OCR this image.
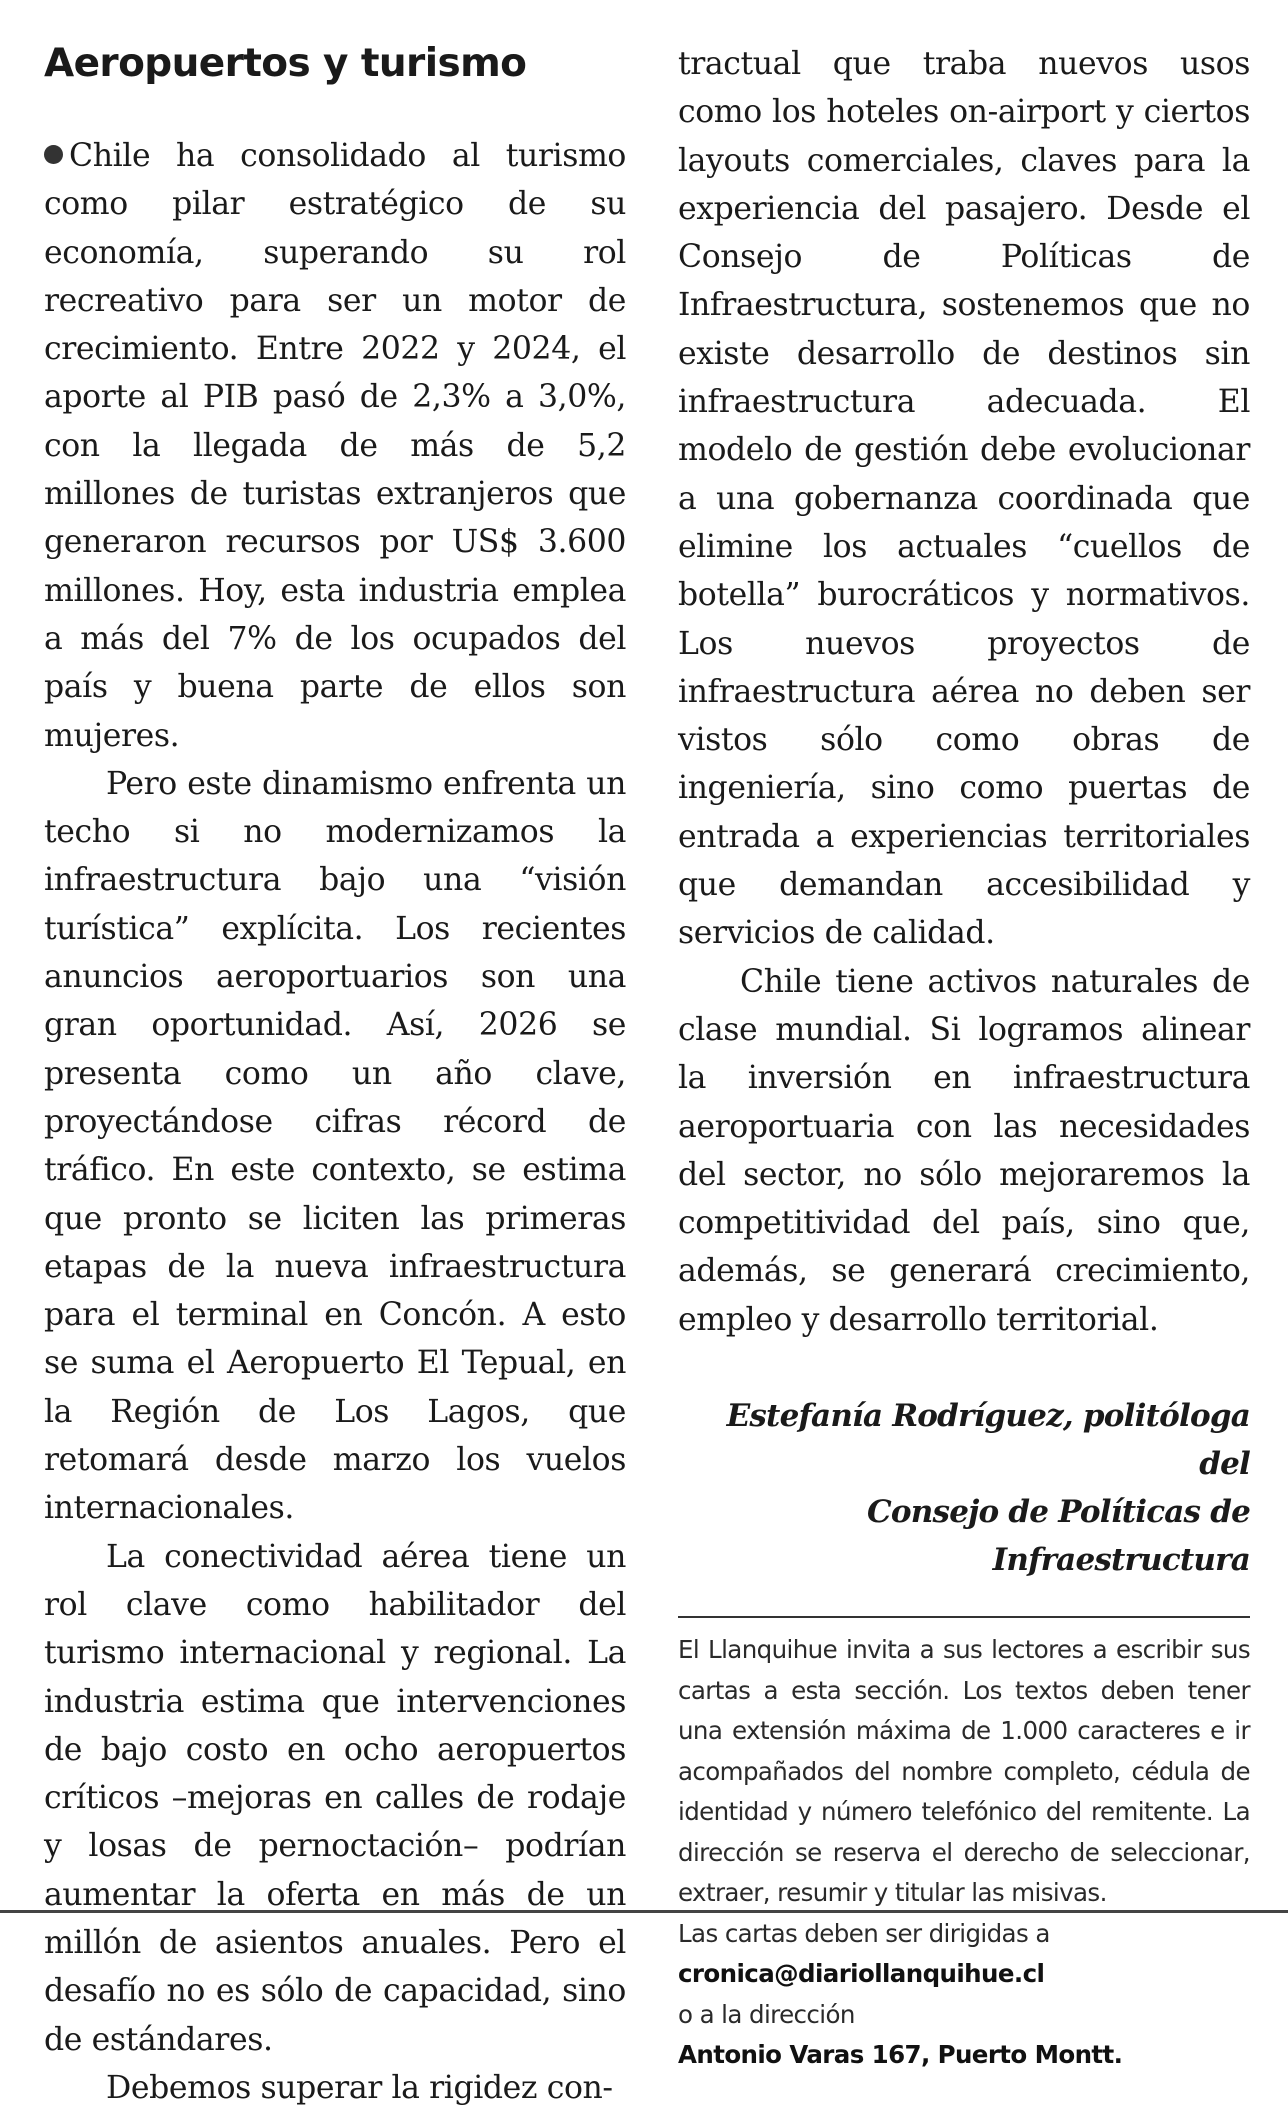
Aeropuertos y turismo

Chile ha consolidado al turismo como pilar estratégico de su economía, superando su rol recreativo para ser un motor de crecimiento. Entre 2022 y 2024, el aporte al PIB pasó de 2,3% a 3,0%, con la llegada de más de 5,2 millones de turistas extranjeros que generaron recursos por US$ 3.600 millones. Hoy, esta industria emplea a más del 7% de los ocupados del país y buena parte de ellos son mujeres.

Pero este dinamismo enfrenta un techo si no modernizamos la infraestructura bajo una “visión turística” explícita. Los recientes anuncios aeroportuarios son una gran oportunidad. Así, 2026 se presenta como un año clave, proyectándose cifras récord de tráfico. En este contexto, se estima que pronto se liciten las primeras etapas de la nueva infraestructura para el terminal en Concón. A esto se suma el Aeropuerto El Tepual, en la Región de Los Lagos, que retomará desde marzo los vuelos internacionales.

La conectividad aérea tiene un rol clave como habilitador del turismo internacional y regional. La industria estima que intervenciones de bajo costo en ocho aeropuertos críticos –mejoras en calles de rodaje y losas de pernoctación– podrían aumentar la oferta en más de un millón de asientos anuales. Pero el desafío no es sólo de capacidad, sino de estándares.

Debemos superar la rigidez con-

tractual que traba nuevos usos como los hoteles on-airport y ciertos layouts comerciales, claves para la experiencia del pasajero. Desde el Consejo de Políticas de Infraestructura, sostenemos que no existe desarrollo de destinos sin infraestructura adecuada. El modelo de gestión debe evolucionar a una gobernanza coordinada que elimine los actuales “cuellos de botella” burocráticos y normativos. Los nuevos proyectos de infraestructura aérea no deben ser vistos sólo como obras de ingeniería, sino como puertas de entrada a experiencias territoriales que demandan accesibilidad y servicios de calidad.

Chile tiene activos naturales de clase mundial. Si logramos alinear la inversión en infraestructura aeroportuaria con las necesidades del sector, no sólo mejoraremos la competitividad del país, sino que, además, se generará crecimiento, empleo y desarrollo territorial.

Estefanía Rodríguez, politóloga del
Consejo de Políticas de Infraestructura
El Llanquihue invita a sus lectores a escribir sus cartas a esta sección. Los textos deben tener una extensión máxima de 1.000 caracteres e ir acompañados del nombre completo, cédula de identidad y número telefónico del remitente. La dirección se reserva el derecho de seleccionar, extraer, resumir y titular las misivas.
Las cartas deben ser dirigidas a
cronica@diariollanquihue.cl
o a la dirección
Antonio Varas 167, Puerto Montt.
